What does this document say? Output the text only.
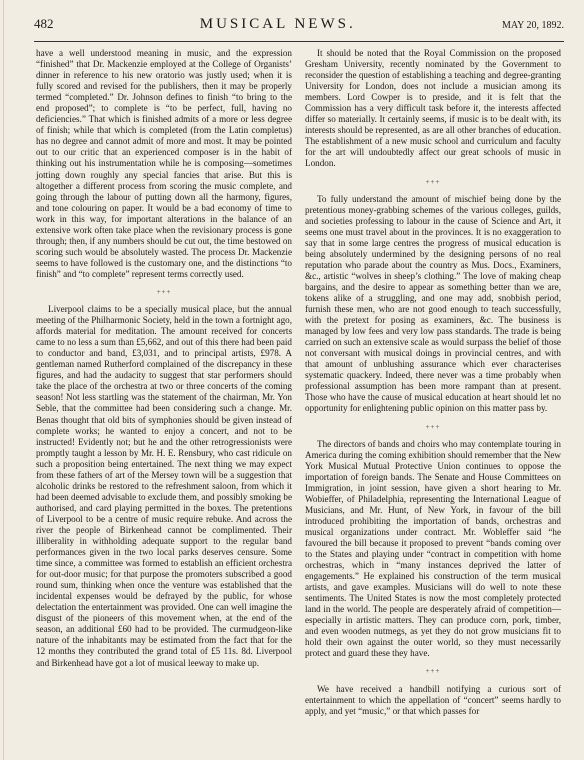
482	MUSICAL NEWS.	MAY 20, 1892.

have a well understood meaning in music, and the expression “finished” that Dr. Mackenzie employed at the College of Organists’ dinner in reference to his new oratorio was justly used; when it is fully scored and revised for the publishers, then it may be properly termed “completed.” Dr. Johnson defines to finish “to bring to the end proposed”; to complete is “to be perfect, full, having no deficiencies.” That which is finished admits of a more or less degree of finish; while that which is completed (from the Latin completus) has no degree and cannot admit of more and most. It may be pointed out to our critic that an experienced composer is in the habit of thinking out his instrumentation while he is composing—sometimes jotting down roughly any special fancies that arise. But this is altogether a different process from scoring the music complete, and going through the labour of putting down all the harmony, figures, and tone colouring on paper. It would be a bad economy of time to work in this way, for important alterations in the balance of an extensive work often take place when the revisionary process is gone through; then, if any numbers should be cut out, the time bestowed on scoring such would be absolutely wasted. The process Dr. Mackenzie seems to have followed is the customary one, and the distinctions “to finish” and “to complete” represent terms correctly used.

+++

Liverpool claims to be a specially musical place, but the annual meeting of the Philharmonic Society, held in the town a fortnight ago, affords material for meditation. The amount received for concerts came to no less a sum than £5,662, and out of this there had been paid to conductor and band, £3,031, and to principal artists, £978. A gentleman named Rutherford complained of the discrepancy in these figures, and had the audacity to suggest that star performers should take the place of the orchestra at two or three concerts of the coming season! Not less startling was the statement of the chairman, Mr. Yon Seble, that the committee had been considering such a change. Mr. Benas thought that old bits of symphonies should be given instead of complete works; he wanted to enjoy a concert, and not to be instructed! Evidently not; but he and the other retrogressionists were promptly taught a lesson by Mr. H. E. Rensbury, who cast ridicule on such a proposition being entertained. The next thing we may expect from these fathers of art of the Mersey town will be a suggestion that alcoholic drinks be restored to the refreshment saloon, from which it had been deemed advisable to exclude them, and possibly smoking be authorised, and card playing permitted in the boxes. The pretentions of Liverpool to be a centre of music require rebuke. And across the river the people of Birkenhead cannot be complimented. Their illiberality in withholding adequate support to the regular band performances given in the two local parks deserves censure. Some time since, a committee was formed to establish an efficient orchestra for out-door music; for that purpose the promoters subscribed a good round sum, thinking when once the venture was established that the incidental expenses would be defrayed by the public, for whose delectation the entertainment was provided. One can well imagine the disgust of the pioneers of this movement when, at the end of the season, an additional £60 had to be provided. The curmudgeon-like nature of the inhabitants may be estimated from the fact that for the 12 months they contributed the grand total of £5 11s. 8d. Liverpool and Birkenhead have got a lot of musical leeway to make up.

It should be noted that the Royal Commission on the proposed Gresham University, recently nominated by the Government to reconsider the question of establishing a teaching and degree-granting University for London, does not include a musician among its members. Lord Cowper is to preside, and it is felt that the Commission has a very difficult task before it, the interests affected differ so materially. It certainly seems, if music is to be dealt with, its interests should be represented, as are all other branches of education. The establishment of a new music school and curriculum and faculty for the art will undoubtedly affect our great schools of music in London.

+++

To fully understand the amount of mischief being done by the pretentious money-grabbing schemes of the various colleges, guilds, and societies professing to labour in the cause of Science and Art, it seems one must travel about in the provinces. It is no exaggeration to say that in some large centres the progress of musical education is being absolutely undermined by the designing persons of no real reputation who parade about the country as Mus. Docs., Examiners, &c., artistic “wolves in sheep’s clothing.” The love of making cheap bargains, and the desire to appear as something better than we are, tokens alike of a struggling, and one may add, snobbish period, furnish these men, who are not good enough to teach successfully, with the pretext for posing as examiners, &c. The business is managed by low fees and very low pass standards. The trade is being carried on such an extensive scale as would surpass the belief of those not conversant with musical doings in provincial centres, and with that amount of unblushing assurance which ever characterises systematic quackery. Indeed, there never was a time probably when professional assumption has been more rampant than at present. Those who have the cause of musical education at heart should let no opportunity for enlightening public opinion on this matter pass by.

+++

The directors of bands and choirs who may contemplate touring in America during the coming exhibition should remember that the New York Musical Mutual Protective Union continues to oppose the importation of foreign bands. The Senate and House Committees on Immigration, in joint session, have given a short hearing to Mr. Wobieffer, of Philadelphia, representing the International League of Musicians, and Mr. Hunt, of New York, in favour of the bill introduced prohibiting the importation of bands, orchestras and musical organizations under contract. Mr. Wobleffer said “he favoured the bill because it proposed to prevent “bands coming over to the States and playing under “contract in competition with home orchestras, which in “many instances deprived the latter of engagements.” He explained his construction of the term musical artists, and gave examples. Musicians will do well to note these sentiments. The United States is now the most completely protected land in the world. The people are desperately afraid of competition—especially in artistic matters. They can produce corn, pork, timber, and even wooden nutmegs, as yet they do not grow musicians fit to hold their own against the outer world, so they must necessarily protect and guard these they have.

+++

We have received a handbill notifying a curious sort of entertainment to which the appellation of “concert” seems hardly to apply, and yet “music,” or that which passes for
